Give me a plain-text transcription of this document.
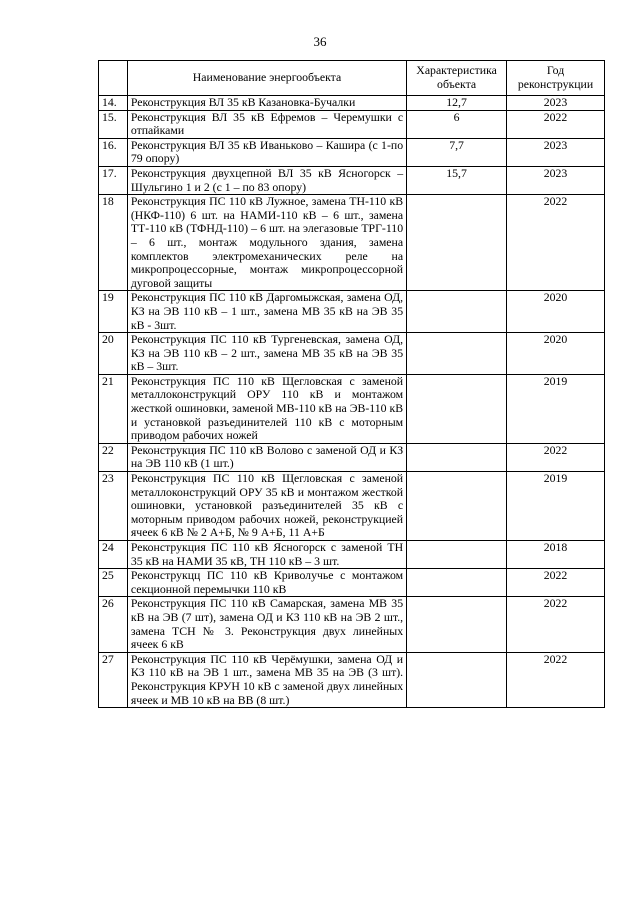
36
	Наименование энергообъекта	Характеристика объекта	Год реконструкции
14.	Реконструкция ВЛ 35 кВ Казановка-Бучалки	12,7	2023
15.	Реконструкция ВЛ 35 кВ Ефремов – Черемушки с отпайками	6	2022
16.	Реконструкция ВЛ 35 кВ Иваньково – Кашира (с 1-по 79 опору)	7,7	2023
17.	Реконструкция двухцепной ВЛ 35 кВ Ясногорск – Шульгино 1 и 2 (с 1 – по 83 опору)	15,7	2023
18	Реконструкция ПС 110 кВ Лужное, замена ТН-110 кВ (НКФ-110) 6 шт. на НАМИ-110 кВ – 6 шт., замена ТТ-110 кВ (ТФНД-110) – 6 шт. на элегазовые ТРГ-110 – 6 шт., монтаж модульного здания, замена комплектов электромеханических реле на микропроцессорные, монтаж микропроцессорной дуговой защиты		2022
19	Реконструкция ПС 110 кВ Даргомыжская, замена ОД, КЗ на ЭВ 110 кВ – 1 шт., замена МВ 35 кВ на ЭВ 35 кВ - 3шт.		2020
20	Реконструкция ПС 110 кВ Тургеневская, замена ОД, КЗ на ЭВ 110 кВ – 2 шт., замена МВ 35 кВ на ЭВ 35 кВ – 3шт.		2020
21	Реконструкция ПС 110 кВ Щегловская с заменой металлоконструкций ОРУ 110 кВ и монтажом жесткой ошиновки, заменой МВ-110 кВ на ЭВ-110 кВ и установкой разъединителей 110 кВ с моторным приводом рабочих ножей		2019
22	Реконструкция ПС 110 кВ Волово с заменой ОД и КЗ на ЭВ 110 кВ (1 шт.)		2022
23	Реконструкция ПС 110 кВ Щегловская с заменой металлоконструкций ОРУ 35 кВ и монтажом жесткой ошиновки, установкой разъединителей 35 кВ с моторным приводом рабочих ножей, реконструкцией ячеек 6 кВ № 2 А+Б, № 9 А+Б, 11 А+Б		2019
24	Реконструкция ПС 110 кВ Ясногорск с заменой ТН 35 кВ на НАМИ 35 кВ, ТН 110 кВ – 3 шт.		2018
25	Реконструкцц ПС 110 кВ Криволучье с монтажом секционной перемычки 110 кВ		2022
26	Реконструкция ПС 110 кВ Самарская, замена МВ 35 кВ на ЭВ (7 шт), замена ОД и КЗ 110 кВ на ЭВ 2 шт., замена ТСН № 3. Реконструкция двух линейных ячеек 6 кВ		2022
27	Реконструкция ПС 110 кВ Черёмушки, замена ОД и КЗ 110 кВ на ЭВ 1 шт., замена МВ 35 на ЭВ (3 шт). Реконструкция КРУН 10 кВ с заменой двух линейных ячеек и МВ 10 кВ на ВВ (8 шт.)		2022
